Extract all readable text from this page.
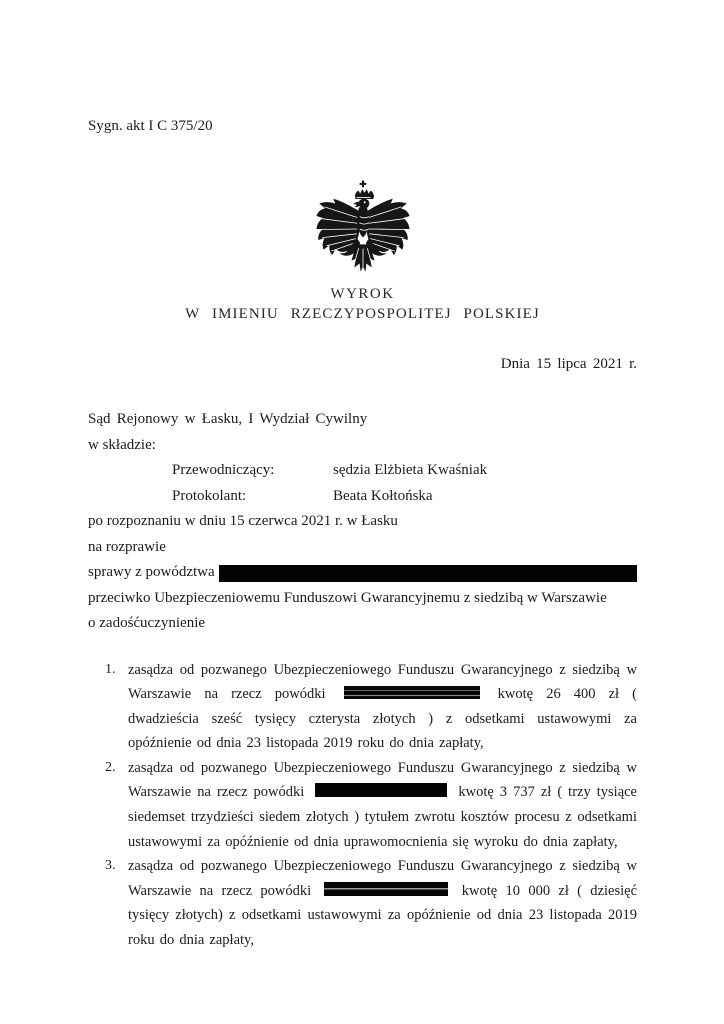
Sygn. akt I C 375/20
WYROK
W IMIENIU RZECZYPOSPOLITEJ POLSKIEJ
Dnia 15 lipca 2021 r.
Sąd Rejonowy w Łasku, I Wydział Cywilny
w składzie:
Przewodniczący:	sędzia Elżbieta Kwaśniak
Protokolant:	Beata Kołtońska
po rozpoznaniu w dniu 15 czerwca 2021 r. w Łasku
na rozprawie
sprawy z powództwa
przeciwko Ubezpieczeniowemu Funduszowi Gwarancyjnemu z siedzibą w Warszawie
o zadośćuczynienie
1. zasądza od pozwanego Ubezpieczeniowego Funduszu Gwarancyjnego z siedzibą w Warszawie na rzecz powódki	kwotę 26 400 zł ( dwadzieścia sześć tysięcy czterysta złotych ) z odsetkami ustawowymi za opóźnienie od dnia 23 listopada 2019 roku do dnia zapłaty,
2. zasądza od pozwanego Ubezpieczeniowego Funduszu Gwarancyjnego z siedzibą w Warszawie na rzecz powódki	kwotę 3 737 zł ( trzy tysiące siedemset trzydzieści siedem złotych ) tytułem zwrotu kosztów procesu z odsetkami ustawowymi za opóźnienie od dnia uprawomocnienia się wyroku do dnia zapłaty,
3. zasądza od pozwanego Ubezpieczeniowego Funduszu Gwarancyjnego z siedzibą w Warszawie na rzecz powódki	kwotę 10 000 zł ( dziesięć tysięcy złotych) z odsetkami ustawowymi za opóźnienie od dnia 23 listopada 2019 roku do dnia zapłaty,
